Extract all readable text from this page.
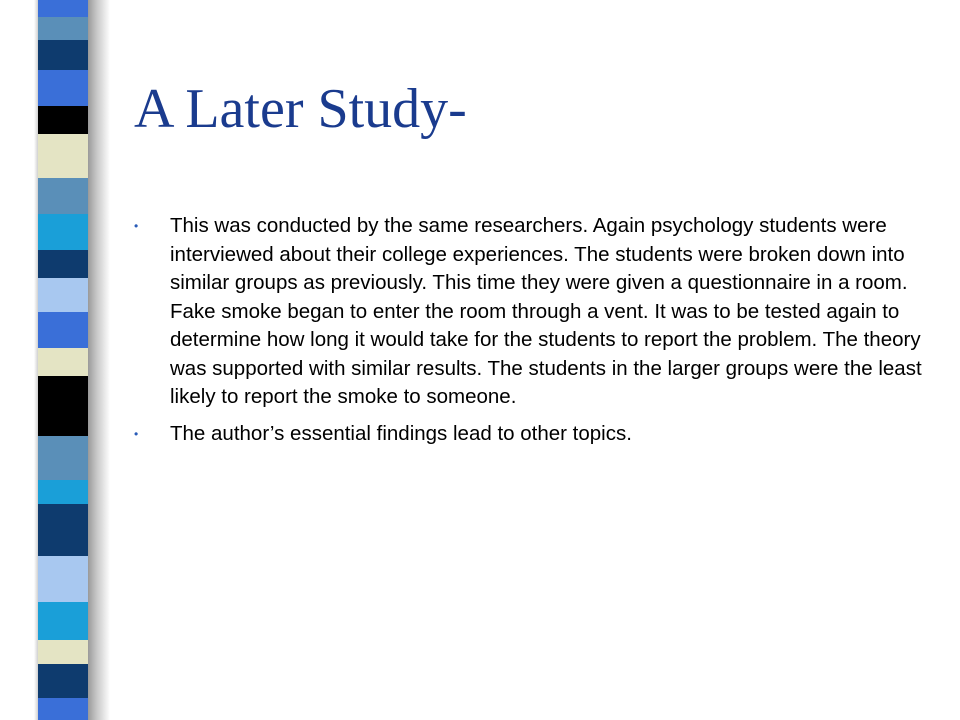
A Later Study-
• This was conducted by the same researchers. Again psychology students were interviewed about their college experiences. The students were broken down into similar groups as previously. This time they were given a questionnaire in a room. Fake smoke began to enter the room through a vent. It was to be tested again to determine how long it would take for the students to report the problem. The theory was supported with similar results. The students in the larger groups were the least likely to report the smoke to someone.
• The author’s essential findings lead to other topics.
